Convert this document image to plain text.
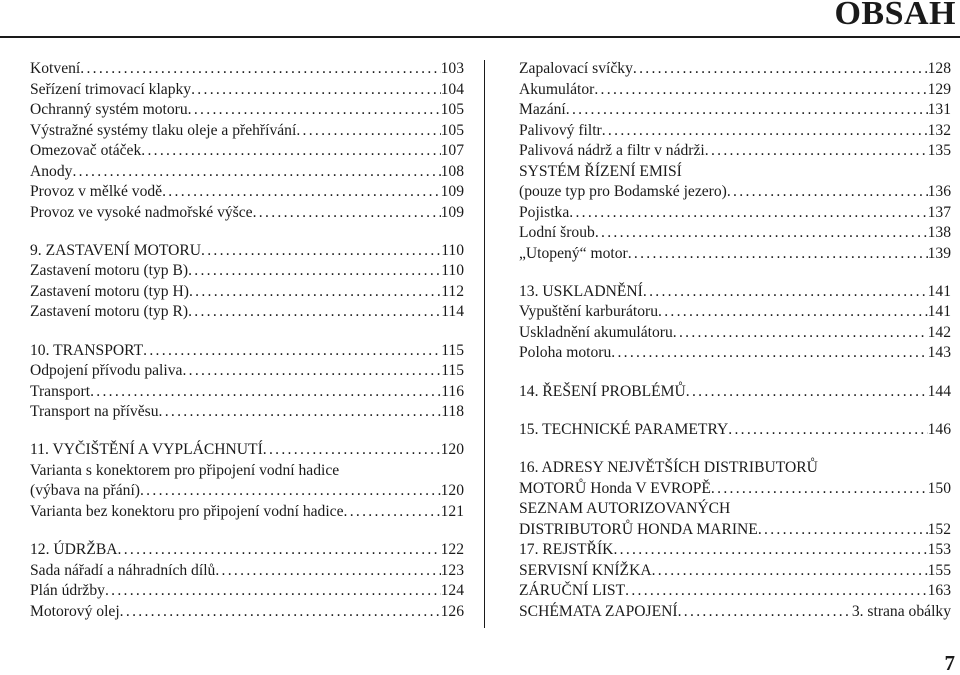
OBSAH
Kotvení .....	103
Seřízení trimovací klapky .....	104
Ochranný systém motoru .....	105
Výstražné systémy tlaku oleje a přehřívání .....	105
Omezovač otáček .....	107
Anody .....	108
Provoz v mělké vodě .....	109
Provoz ve vysoké nadmořské výšce .....	109
9. ZASTAVENÍ MOTORU .....	110
Zastavení motoru (typ B) .....	110
Zastavení motoru (typ H) .....	112
Zastavení motoru (typ R) .....	114
10. TRANSPORT .....	115
Odpojení přívodu paliva .....	115
Transport .....	116
Transport na přívěsu .....	118
11. VYČIŠTĚNÍ A VYPLÁCHNUTÍ .....	120
Varianta s konektorem pro připojení vodní hadice
(výbava na přání) .....	120
Varianta bez konektoru pro připojení vodní hadice .....	121
12. ÚDRŽBA .....	122
Sada nářadí a náhradních dílů .....	123
Plán údržby .....	124
Motorový olej .....	126
Zapalovací svíčky .....	128
Akumulátor .....	129
Mazání .....	131
Palivový filtr .....	132
Palivová nádrž a filtr v nádrži .....	135
SYSTÉM ŘÍZENÍ EMISÍ
(pouze typ pro Bodamské jezero) .....	136
Pojistka .....	137
Lodní šroub .....	138
„Utopený“ motor .....	139
13. USKLADNĚNÍ .....	141
Vypuštění karburátoru .....	141
Uskladnění akumulátoru .....	142
Poloha motoru .....	143
14. ŘEŠENÍ PROBLÉMŮ .....	144
15. TECHNICKÉ PARAMETRY .....	146
16. ADRESY NEJVĚTŠÍCH DISTRIBUTORŮ
MOTORŮ Honda V EVROPĚ .....	150
SEZNAM AUTORIZOVANÝCH
DISTRIBUTORŮ HONDA MARINE .....	152
17. REJSTŘÍK .....	153
SERVISNÍ KNÍŽKA .....	155
ZÁRUČNÍ LIST .....	163
SCHÉMATA ZAPOJENÍ .....	3. strana obálky
7
